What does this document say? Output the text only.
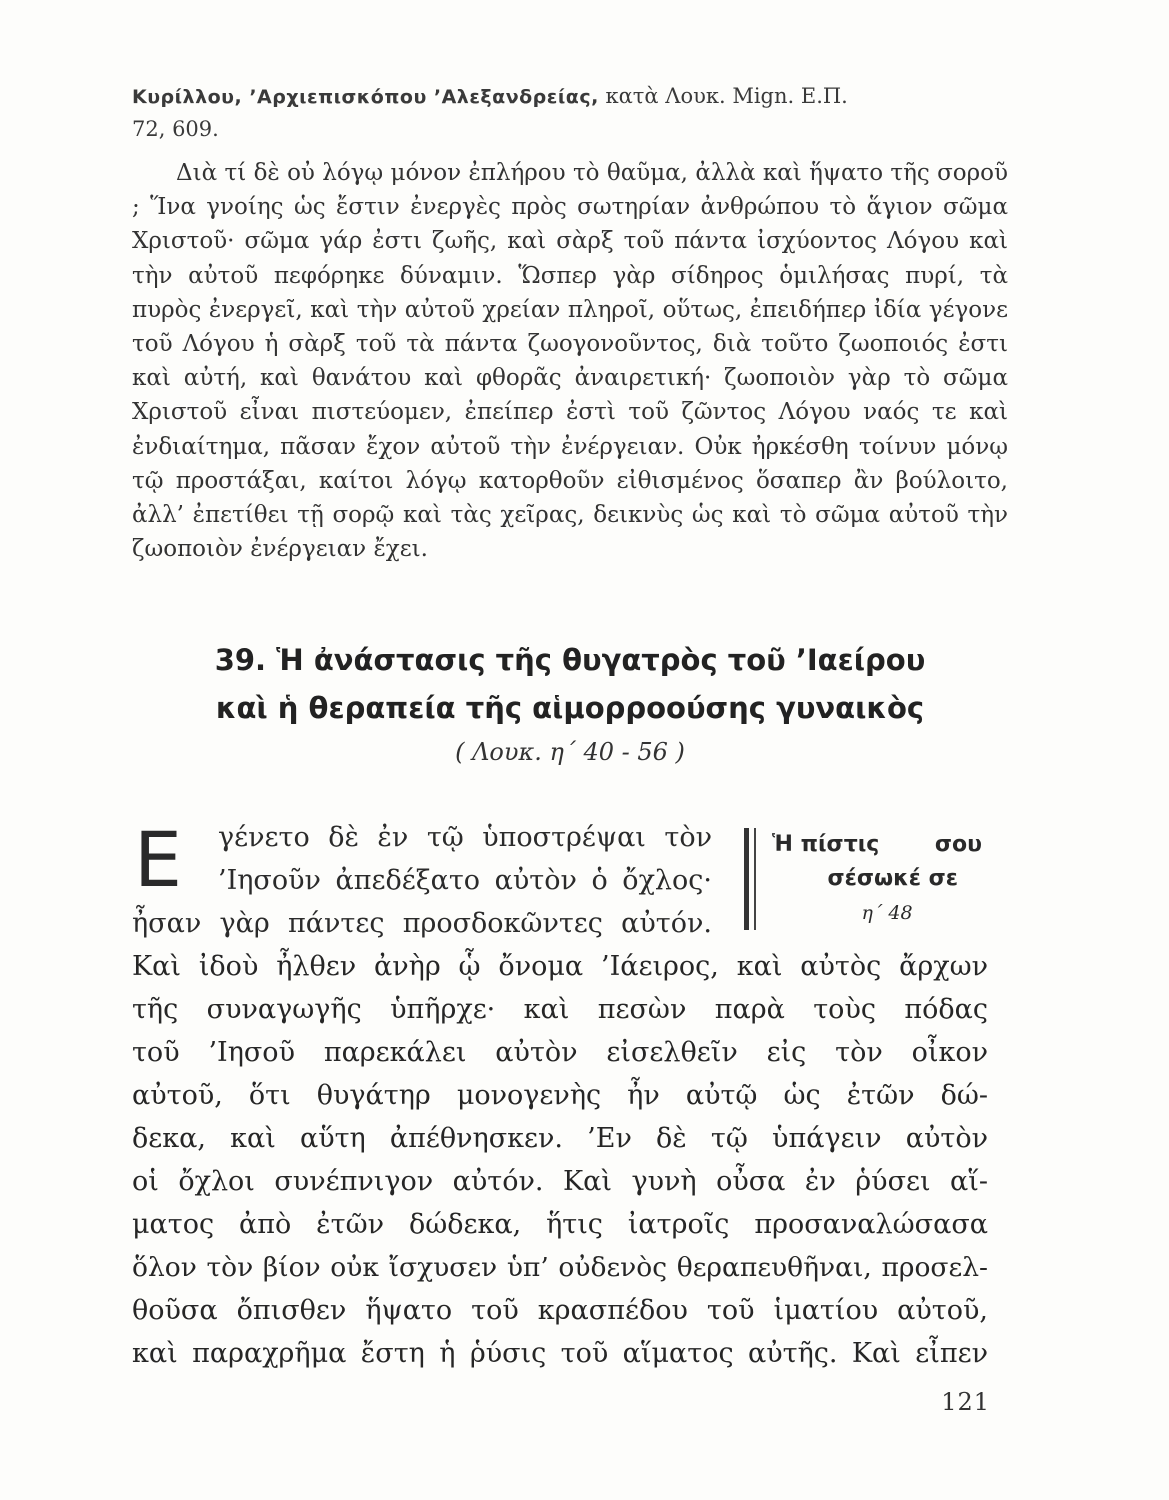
Κυρίλλου, ’Αρχιεπισκόπου ’Αλεξανδρείας, κατὰ Λουκ. Mign. Ε.Π.
72, 609.

Διὰ τί δὲ οὐ λόγῳ μόνον ἐπλήρου τὸ θαῦμα, ἀλλὰ καὶ ἥψατο τῆς σοροῦ ; Ἵνα γνοίης ὡς ἔστιν ἐνεργὲς πρὸς σωτηρίαν ἀνθρώπου τὸ ἅγιον σῶμα Χριστοῦ· σῶμα γάρ ἐστι ζωῆς, καὶ σὰρξ τοῦ πάντα ἰσχύοντος Λόγου καὶ τὴν αὐτοῦ πεφόρηκε δύναμιν. Ὥσπερ γὰρ σίδηρος ὁμιλήσας πυρί, τὰ πυρὸς ἐνεργεῖ, καὶ τὴν αὐτοῦ χρείαν πληροῖ, οὕτως, ἐπειδήπερ ἰδία γέγονε τοῦ Λόγου ἡ σὰρξ τοῦ τὰ πάντα ζωογονοῦντος, διὰ τοῦτο ζωοποιός ἐστι καὶ αὐτή, καὶ θανάτου καὶ φθορᾶς ἀναιρετική· ζωοποιὸν γὰρ τὸ σῶμα Χριστοῦ εἶναι πιστεύομεν, ἐπείπερ ἐστὶ τοῦ ζῶντος Λόγου ναός τε καὶ ἐνδιαίτημα, πᾶσαν ἔχον αὐτοῦ τὴν ἐνέργειαν. Οὐκ ἠρκέσθη τοίνυν μόνῳ τῷ προστάξαι, καίτοι λόγῳ κατορθοῦν εἰθισμένος ὅσαπερ ἂν βούλοιτο, ἀλλ’ ἐπετίθει τῇ σορῷ καὶ τὰς χεῖρας, δεικνὺς ὡς καὶ τὸ σῶμα αὐτοῦ τὴν ζωοποιὸν ἐνέργειαν ἔχει.

39. Ἡ ἀνάστασις τῆς θυγατρὸς τοῦ ’Ιαείρου
καὶ ἡ θεραπεία τῆς αἱμορροούσης γυναικὸς
( Λουκ. η΄ 40 - 56 )
Ε γένετο δὲ ἐν τῷ ὑποστρέψαι τὸν
’Ιησοῦν ἀπεδέξατο αὐτὸν ὁ ὄχλος·
ἦσαν γὰρ πάντες προσδοκῶντες αὐτόν.
Ἡ πίστις	σου
σέσωκέ σε
η΄ 48
Καὶ ἰδοὺ ἦλθεν ἀνὴρ ᾧ ὄνομα ’Ιάειρος, καὶ αὐτὸς ἄρχων
τῆς συναγωγῆς ὑπῆρχε· καὶ πεσὼν παρὰ τοὺς πόδας
τοῦ ’Ιησοῦ παρεκάλει αὐτὸν εἰσελθεῖν εἰς τὸν οἶκον
αὐτοῦ, ὅτι θυγάτηρ μονογενὴς ἦν αὐτῷ ὡς ἐτῶν δώ-
δεκα, καὶ αὕτη ἀπέθνησκεν. ’Εν δὲ τῷ ὑπάγειν αὐτὸν
οἱ ὄχλοι συνέπνιγον αὐτόν. Καὶ γυνὴ οὖσα ἐν ῥύσει αἵ-
ματος ἀπὸ ἐτῶν δώδεκα, ἥτις ἰατροῖς προσαναλώσασα
ὅλον τὸν βίον οὐκ ἴσχυσεν ὑπ’ οὐδενὸς θεραπευθῆναι, προσελ-
θοῦσα ὄπισθεν ἥψατο τοῦ κρασπέδου τοῦ ἱματίου αὐτοῦ,
καὶ παραχρῆμα ἔστη ἡ ῥύσις τοῦ αἵματος αὐτῆς. Καὶ εἶπεν
121
